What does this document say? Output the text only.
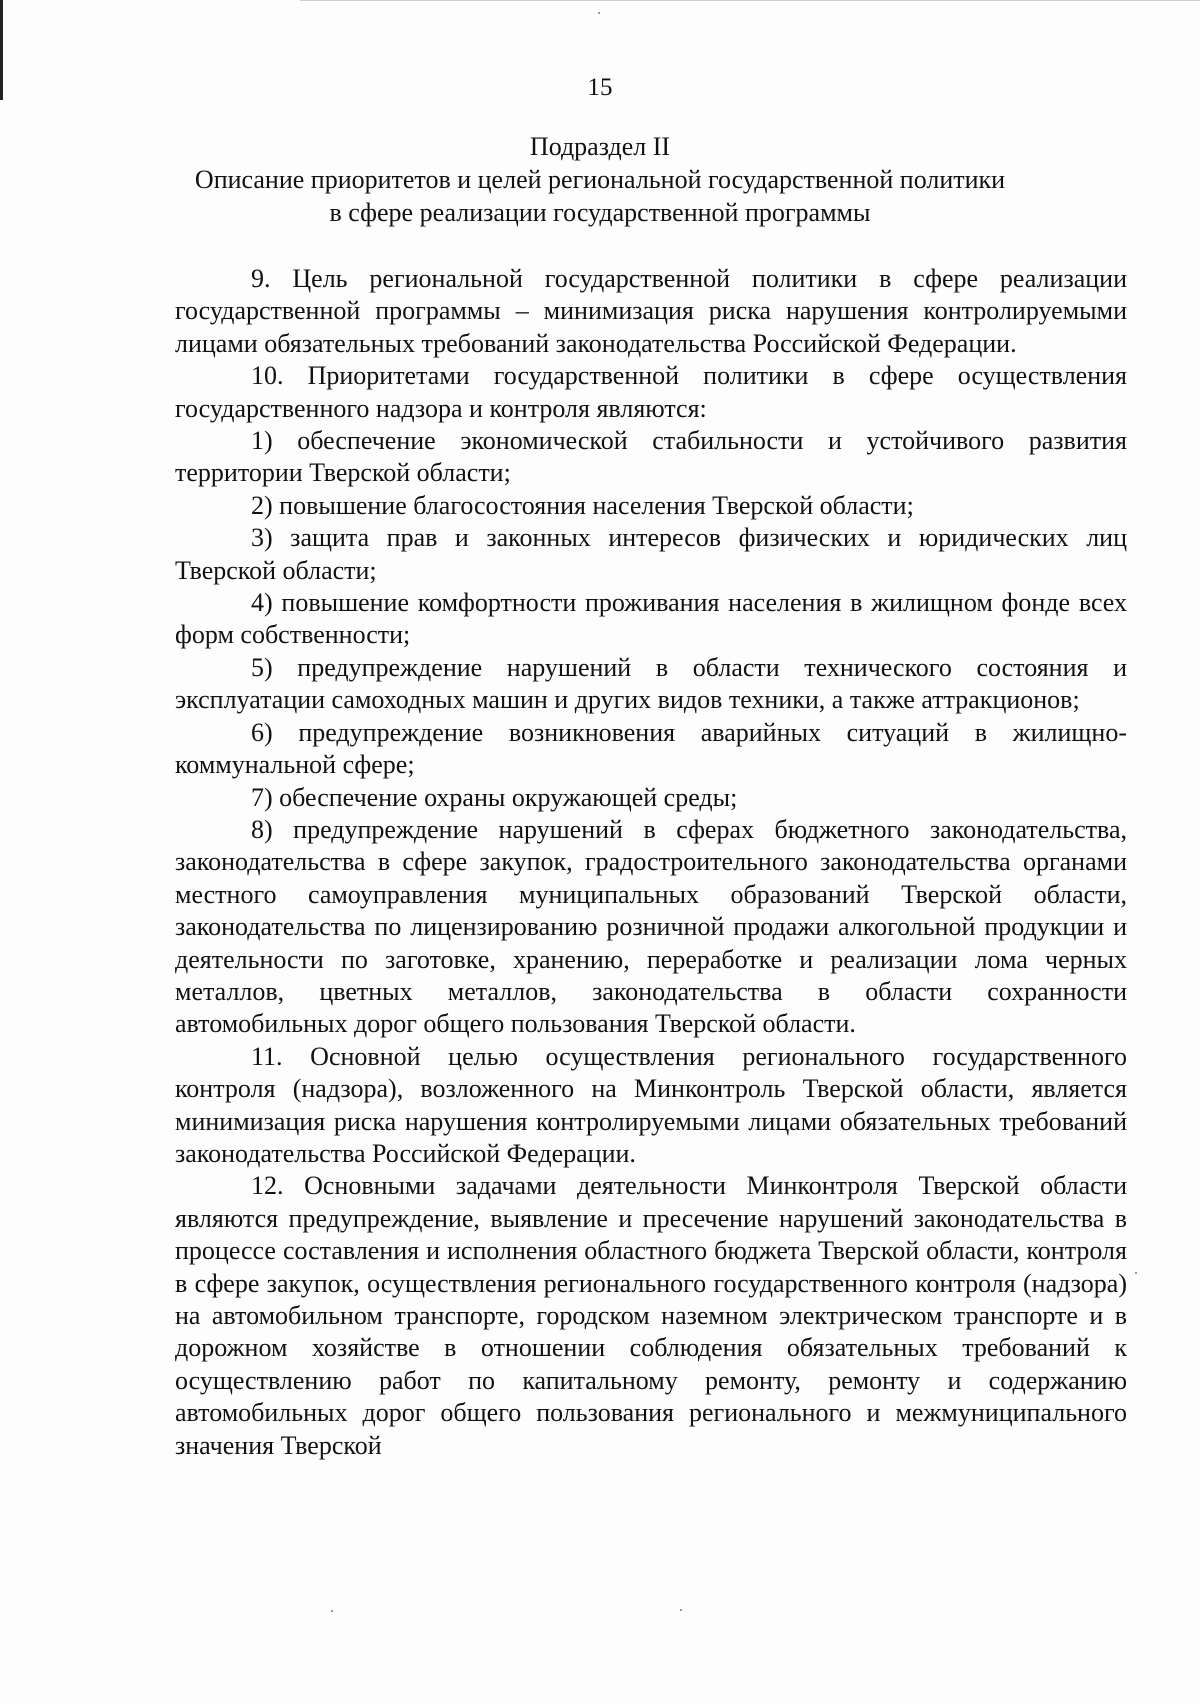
15
Подраздел II
Описание приоритетов и целей региональной государственной политики
в сфере реализации государственной программы

9. Цель региональной государственной политики в сфере реализации государственной программы – минимизация риска нарушения контролируемыми лицами обязательных требований законодательства Российской Федерации.

10. Приоритетами государственной политики в сфере осуществления государственного надзора и контроля являются:

1) обеспечение экономической стабильности и устойчивого развития территории Тверской области;

2) повышение благосостояния населения Тверской области;

3) защита прав и законных интересов физических и юридических лиц Тверской области;

4) повышение комфортности проживания населения в жилищном фонде всех форм собственности;

5) предупреждение нарушений в области технического состояния и эксплуатации самоходных машин и других видов техники, а также аттракционов;

6) предупреждение возникновения аварийных ситуаций в жилищно-коммунальной сфере;

7) обеспечение охраны окружающей среды;

8) предупреждение нарушений в сферах бюджетного законодательства, законодательства в сфере закупок, градостроительного законодательства органами местного самоуправления муниципальных образований Тверской области, законодательства по лицензированию розничной продажи алкогольной продукции и деятельности по заготовке, хранению, переработке и реализации лома черных металлов, цветных металлов, законодательства в области сохранности автомобильных дорог общего пользования Тверской области.

11. Основной целью осуществления регионального государственного контроля (надзора), возложенного на Минконтроль Тверской области, является минимизация риска нарушения контролируемыми лицами обязательных требований законодательства Российской Федерации.

12. Основными задачами деятельности Минконтроля Тверской области являются предупреждение, выявление и пресечение нарушений законодательства в процессе составления и исполнения областного бюджета Тверской области, контроля в сфере закупок, осуществления регионального государственного контроля (надзора) на автомобильном транспорте, городском наземном электрическом транспорте и в дорожном хозяйстве в отношении соблюдения обязательных требований к осуществлению работ по капитальному ремонту, ремонту и содержанию автомобильных дорог общего пользования регионального и межмуниципального значения Тверской
